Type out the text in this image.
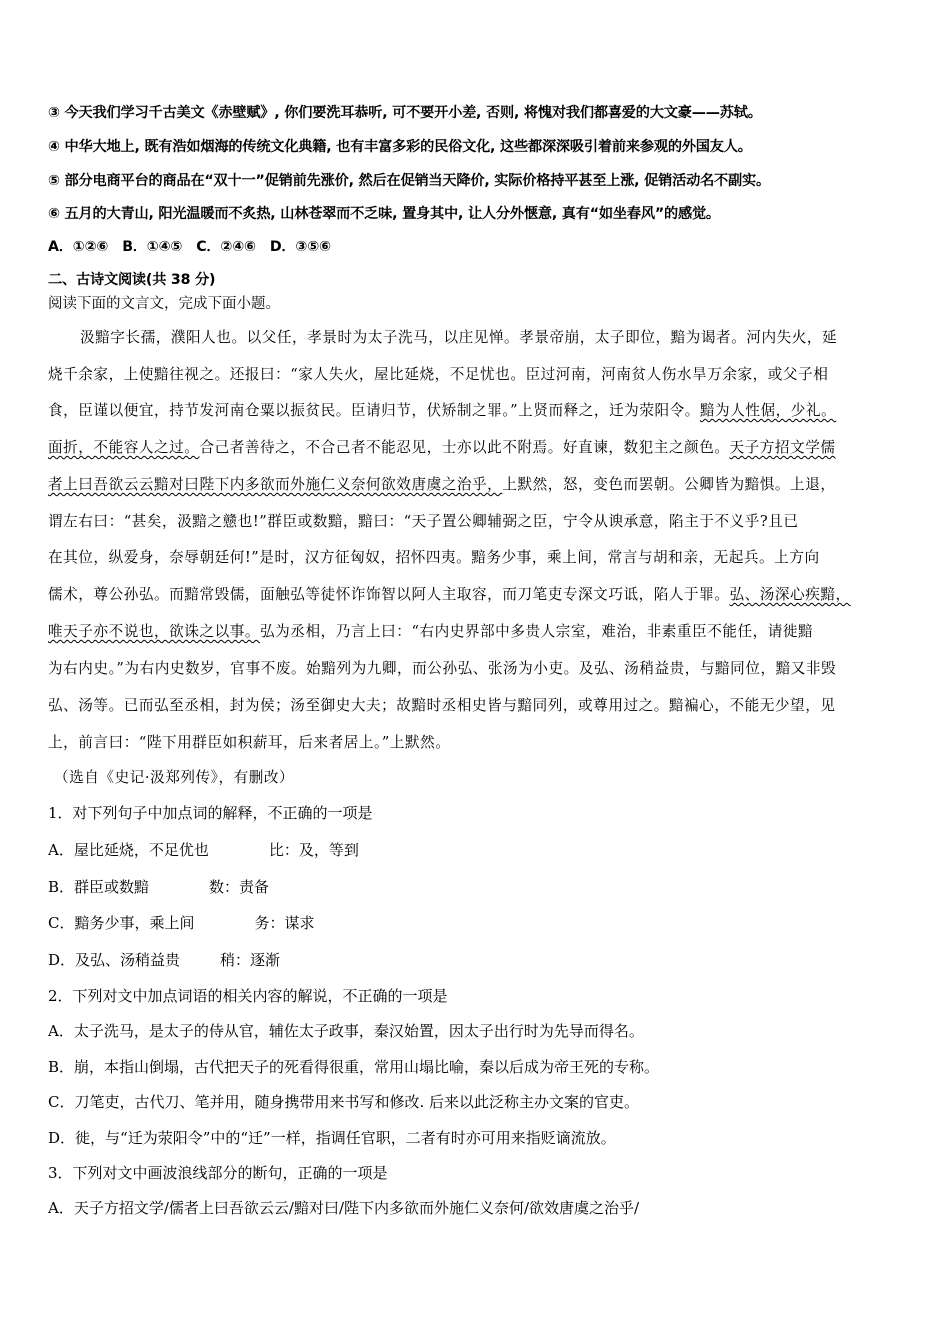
③ 今天我们学习千古美文《赤壁赋》, 你们要洗耳恭听, 可不要开小差, 否则, 将愧对我们都喜爱的大文豪——苏轼。
④ 中华大地上, 既有浩如烟海的传统文化典籍, 也有丰富多彩的民俗文化, 这些都深深吸引着前来参观的外国友人。
⑤ 部分电商平台的商品在“双十一”促销前先涨价, 然后在促销当天降价, 实际价格持平甚至上涨, 促销活动名不副实。
⑥ 五月的大青山, 阳光温暖而不炙热, 山林苍翠而不乏味, 置身其中, 让人分外惬意, 真有“如坐春风”的感觉。
A．①②⑥　B．①④⑤　C．②④⑥　D．③⑤⑥
二、古诗文阅读(共 38 分)
阅读下面的文言文，完成下面小题。
汲黯字长孺，濮阳人也。以父任，孝景时为太子洗马，以庄见惮。孝景帝崩，太子即位，黯为谒者。河内失火，延
烧千余家，上使黯往视之。还报曰：“家人失火，屋比延烧，不足忧也。臣过河南，河南贫人伤水旱万余家，或父子相
食，臣谨以便宜，持节发河南仓粟以振贫民。臣请归节，伏矫制之罪。”上贤而释之，迁为荥阳令。黯为人性倨，少礼。
面折，不能容人之过。合己者善待之，不合己者不能忍见，士亦以此不附焉。好直谏，数犯主之颜色。天子方招文学儒
者上曰吾欲云云黯对曰陛下内多欲而外施仁义奈何欲效唐虞之治乎，上默然，怒，变色而罢朝。公卿皆为黯惧。上退，
谓左右曰：“甚矣，汲黯之戆也!”群臣或数黯，黯曰：“天子置公卿辅弼之臣，宁令从谀承意，陷主于不义乎?且已
在其位，纵爱身，奈辱朝廷何!”是时，汉方征匈奴，招怀四夷。黯务少事，乘上间，常言与胡和亲，无起兵。上方向
儒术，尊公孙弘。而黯常毁儒，面触弘等徒怀诈饰智以阿人主取容，而刀笔吏专深文巧诋，陷人于罪。弘、汤深心疾黯，
唯天子亦不说也，欲诛之以事。弘为丞相，乃言上曰：“右内史界部中多贵人宗室，难治，非素重臣不能任，请徙黯
为右内史。”为右内史数岁，官事不废。始黯列为九卿，而公孙弘、张汤为小吏。及弘、汤稍益贵，与黯同位，黯又非毁
弘、汤等。已而弘至丞相，封为侯；汤至御史大夫；故黯时丞相史皆与黯同列，或尊用过之。黯褊心，不能无少望，见
上，前言曰：“陛下用群臣如积薪耳，后来者居上。”上默然。
（选自《史记·汲郑列传》，有删改）
1．对下列句子中加点词的解释，不正确的一项是
A．屋比延烧，不足优也	比：及，等到
B．群臣或数黯	数：责备
C．黯务少事，乘上间	务：谋求
D．及弘、汤稍益贵	稍：逐渐
2．下列对文中加点词语的相关内容的解说，不正确的一项是
A．太子洗马，是太子的侍从官，辅佐太子政事，秦汉始置，因太子出行时为先导而得名。
B．崩，本指山倒塌，古代把天子的死看得很重，常用山塌比喻，秦以后成为帝王死的专称。
C．刀笔吏，古代刀、笔并用，随身携带用来书写和修改. 后来以此泛称主办文案的官吏。
D．徙，与“迁为荥阳令”中的“迁”一样，指调任官职，二者有时亦可用来指贬谪流放。
3．下列对文中画波浪线部分的断句，正确的一项是
A．天子方招文学/儒者上曰吾欲云云/黯对曰/陛下内多欲而外施仁义奈何/欲效唐虞之治乎/
